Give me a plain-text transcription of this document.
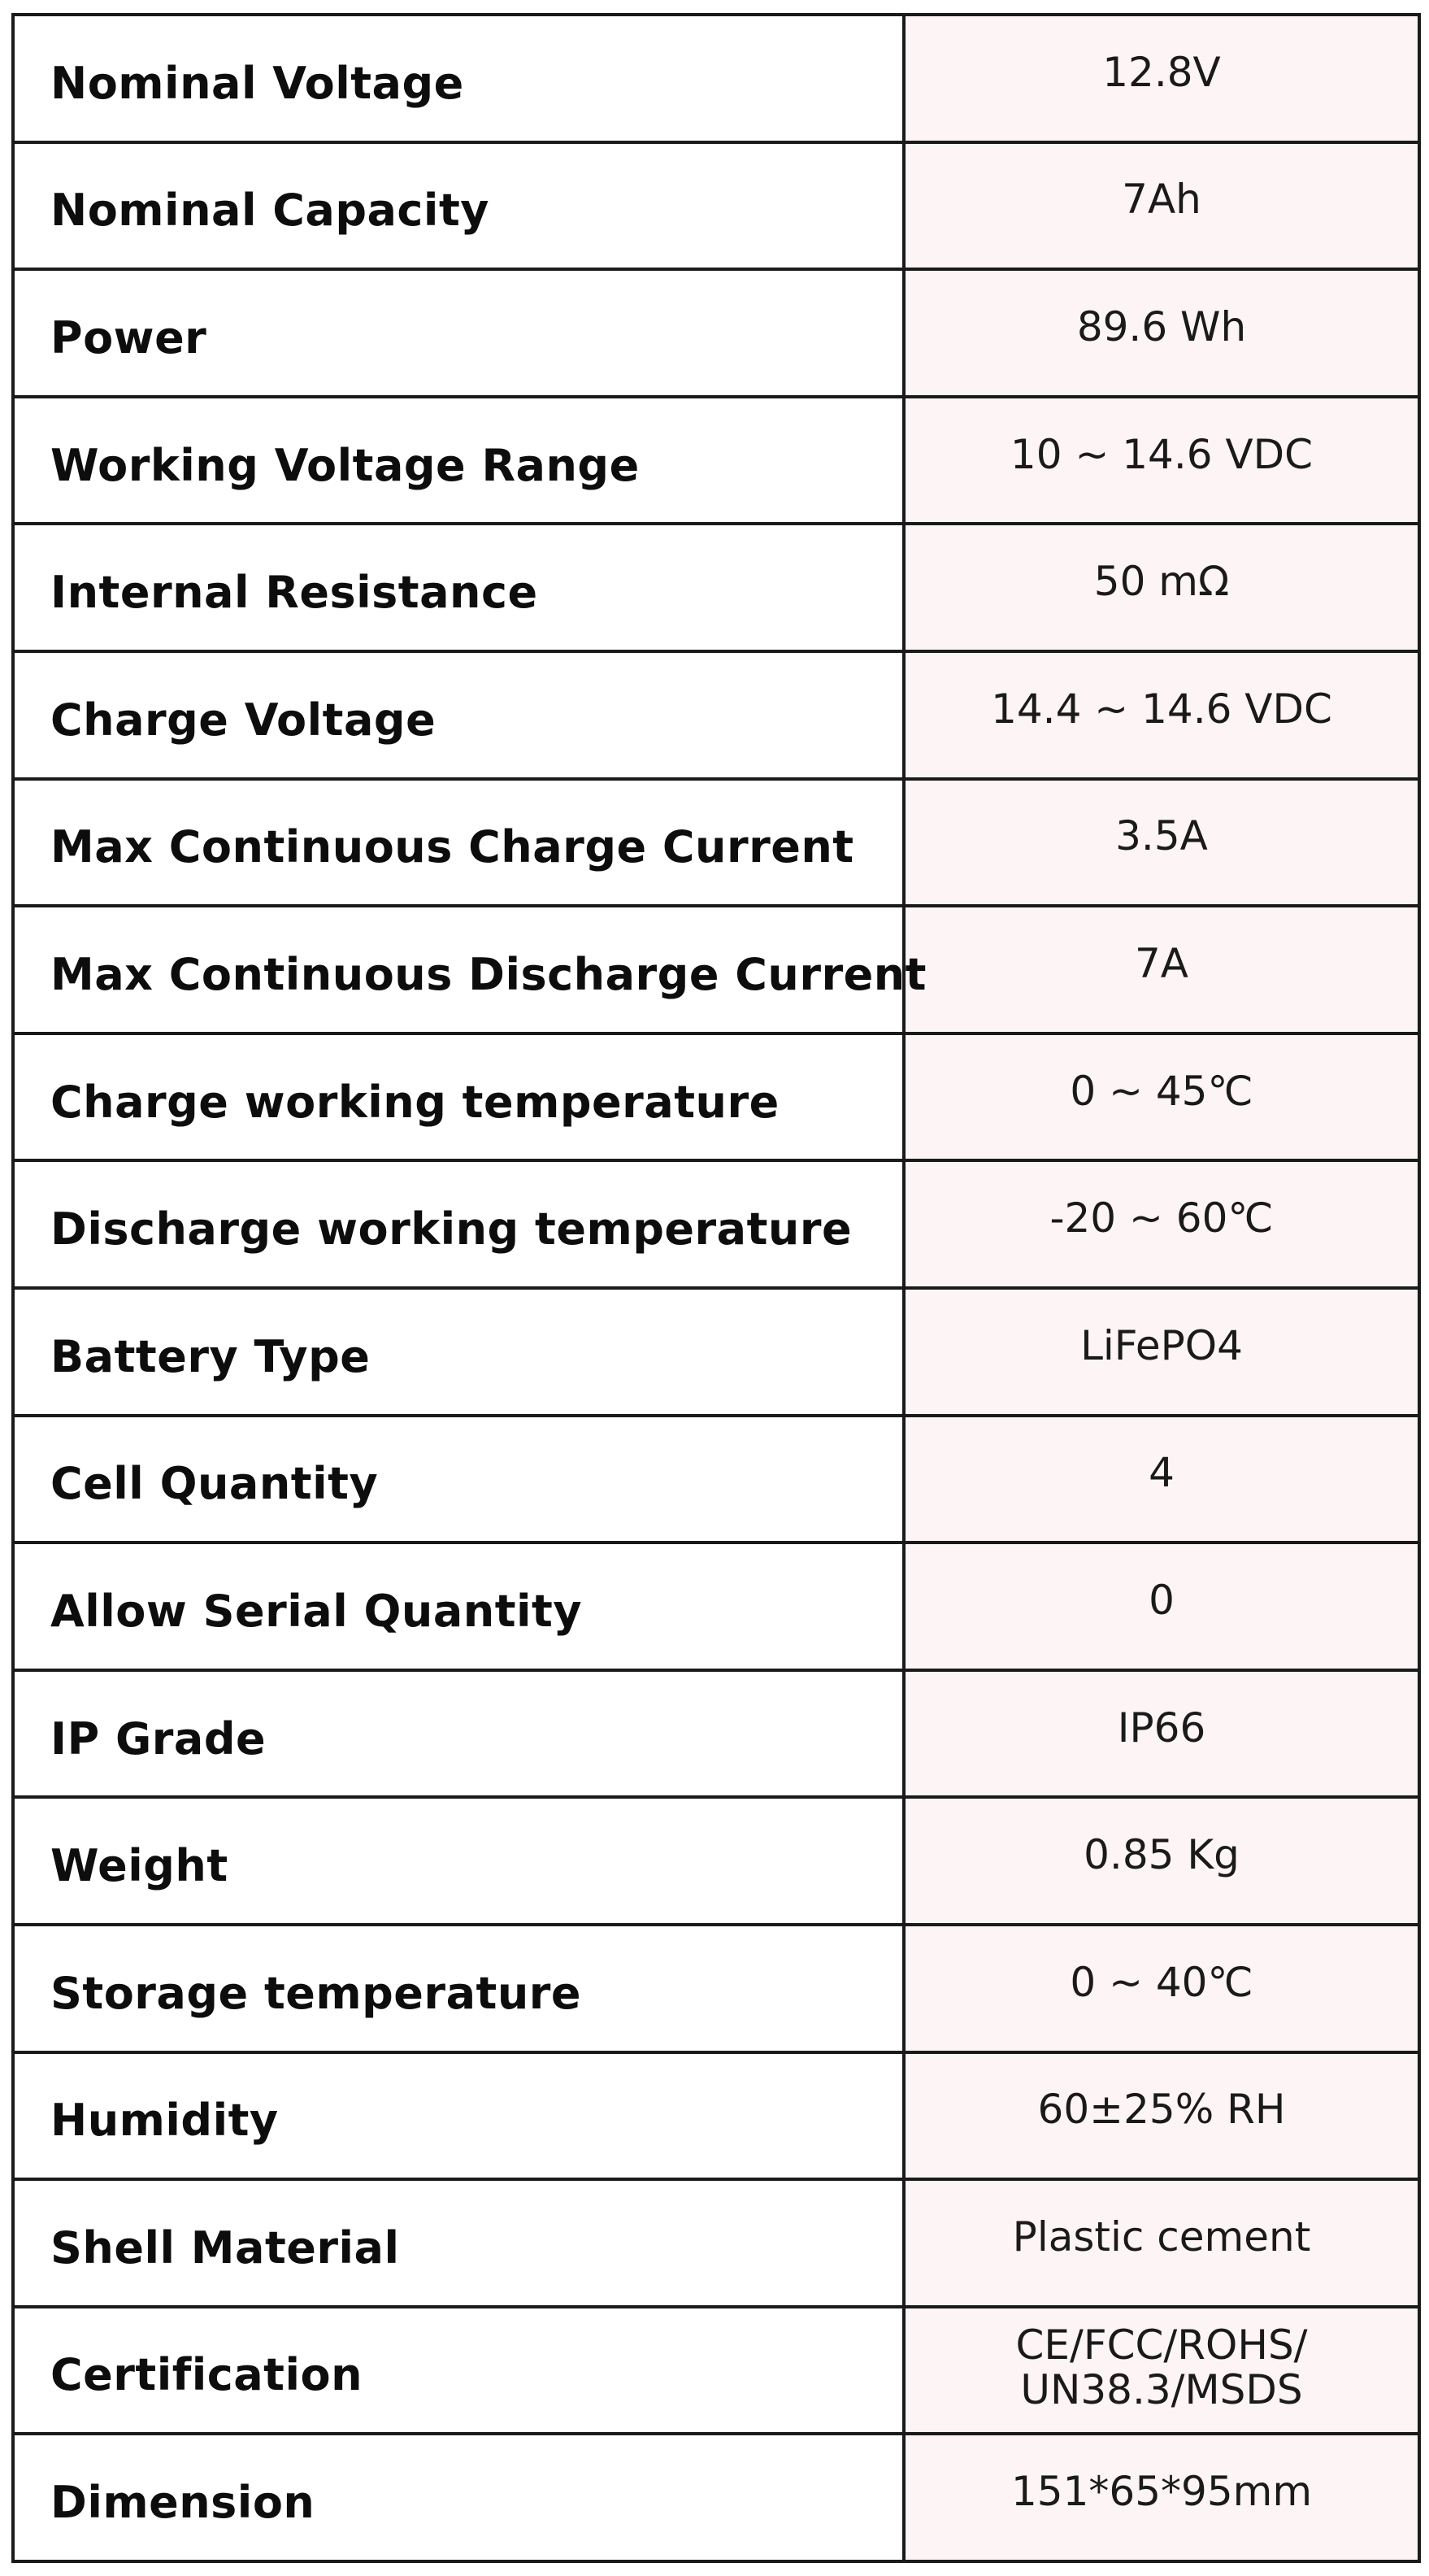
Nominal Voltage	12.8V
Nominal Capacity	7Ah
Power	89.6 Wh
Working Voltage Range	10 ~ 14.6 VDC
Internal Resistance	50 mΩ
Charge Voltage	14.4 ~ 14.6 VDC
Max Continuous Charge Current	3.5A
Max Continuous Discharge Current	7A
Charge working temperature	0 ~ 45℃
Discharge working temperature	-20 ~ 60℃
Battery Type	LiFePO4
Cell Quantity	4
Allow Serial Quantity	0
IP Grade	IP66
Weight	0.85 Kg
Storage temperature	0 ~ 40℃
Humidity	60±25% RH
Shell Material	Plastic cement
Certification	CE/FCC/ROHS/
UN38.3/MSDS
Dimension	151*65*95mm
